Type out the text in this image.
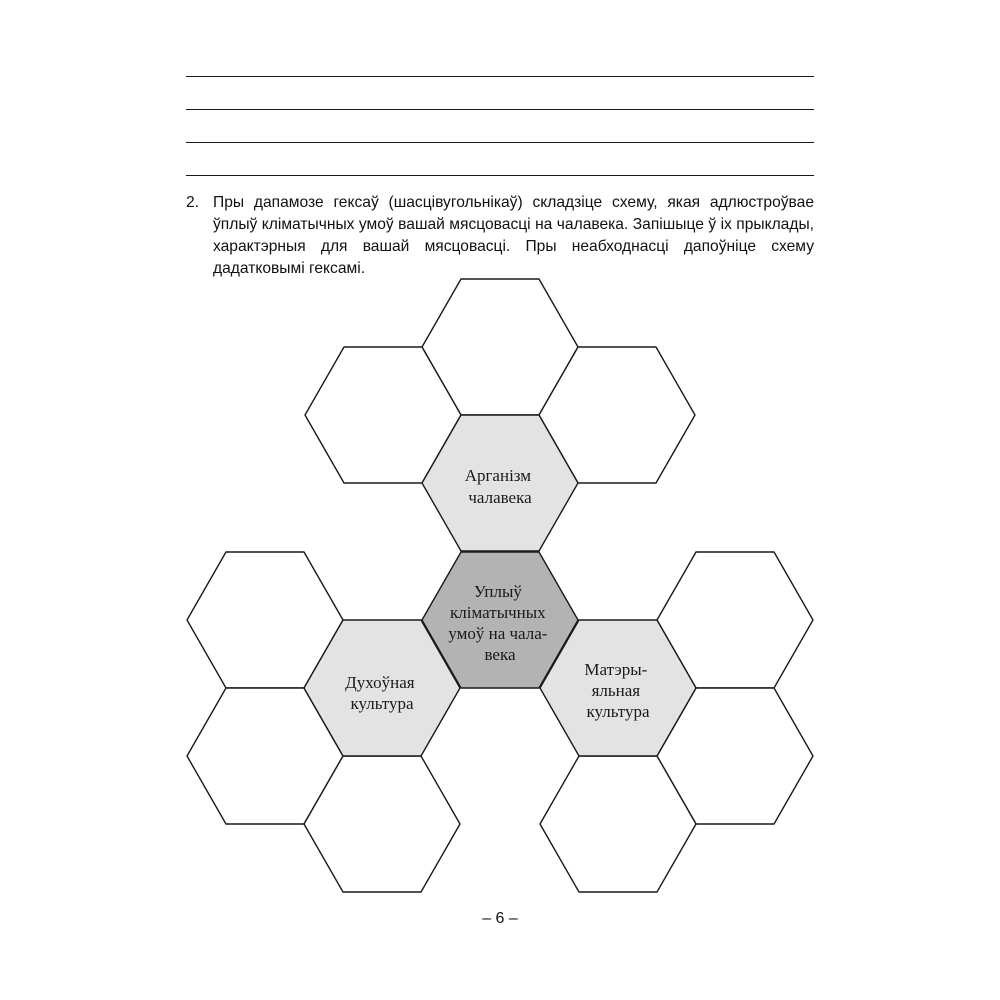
2. Пры дапамозе гексаў (шасцівугольнікаў) складзіце схему, якая адлюстроўвае ўплыў кліматычных умоў вашай мясцовасці на чалавека. Запішыце ў іх прыклады, характэрныя для вашай мясцовасці. Пры неабходнасці дапоўніце схему дадатковымі гексамі.
Арганізм чалавека
Уплыў кліматычных умоў на чала- века
Духоўная культура
Матэры- яльная культура
– 6 –
